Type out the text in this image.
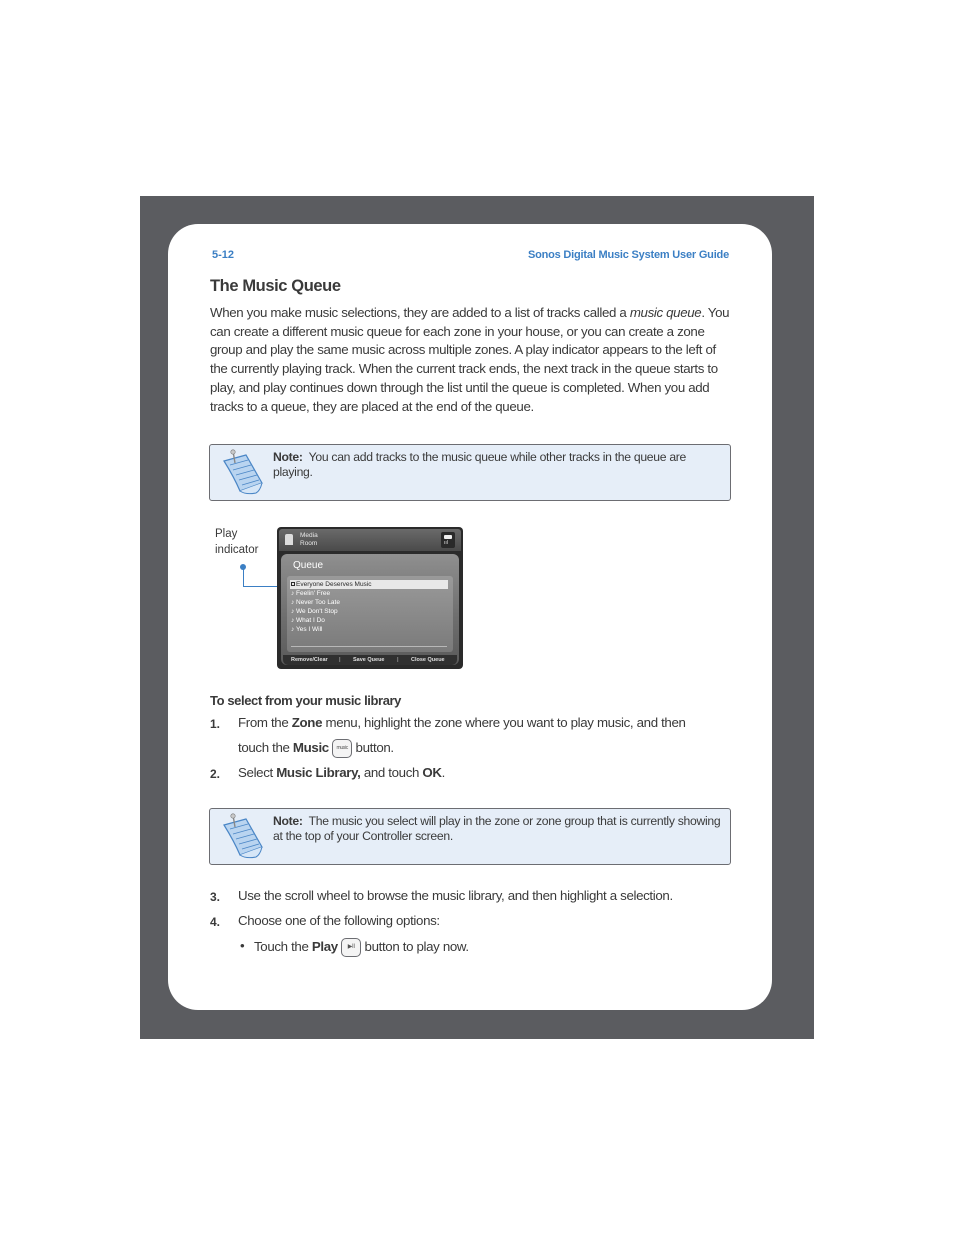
5-12	Sonos Digital Music System User Guide
The Music Queue
When you make music selections, they are added to a list of tracks called a music queue. You can create a different music queue for each zone in your house, or you can create a zone group and play the same music across multiple zones. A play indicator appears to the left of the currently playing track. When the current track ends, the next track in the queue starts to play, and play continues down through the list until the queue is completed. When you add tracks to a queue, they are placed at the end of the queue.
Note: You can add tracks to the music queue while other tracks in the queue are playing.
Play
indicator
Media
Room	ııl
Queue
Everyone Deserves Music
♪ Feelin' Free
♪ Never Too Late
♪ We Don't Stop
♪ What I Do
♪ Yes I Will
Remove/Clear | Save Queue | Close Queue
To select from your music library
1. From the Zone menu, highlight the zone where you want to play music, and then
touch the Music music button.
2. Select Music Library, and touch OK.
Note: The music you select will play in the zone or zone group that is currently showing at the top of your Controller screen.
3. Use the scroll wheel to browse the music library, and then highlight a selection.
4. Choose one of the following options:
• Touch the Play ▶II button to play now.
